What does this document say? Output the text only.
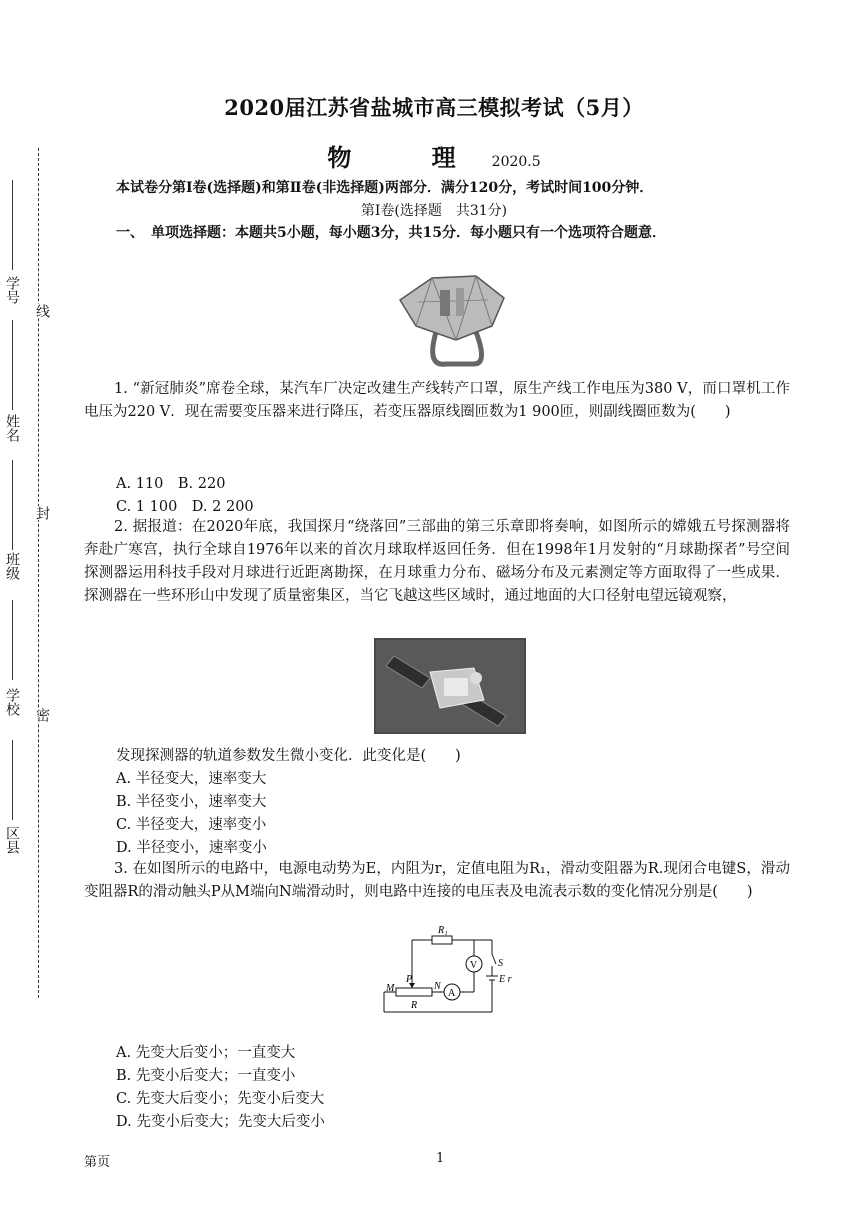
学号
姓名
班级
学校
区县
线
封
密
2020届江苏省盐城市高三模拟考试（5月）
物 理2020.5
本试卷分第Ⅰ卷(选择题)和第Ⅱ卷(非选择题)两部分．满分120分，考试时间100分钟．
第Ⅰ卷(选择题　共31分)
一、　单项选择题：本题共5小题，每小题3分，共15分．每小题只有一个选项符合题意．
1. “新冠肺炎”席卷全球，某汽车厂决定改建生产线转产口罩，原生产线工作电压为380 V，而口罩机工作电压为220 V．现在需要变压器来进行降压，若变压器原线圈匝数为1 900匝，则副线圈匝数为(　　)
A. 110　B. 220
C. 1 100　D. 2 200
2. 据报道：在2020年底，我国探月“绕落回”三部曲的第三乐章即将奏响，如图所示的嫦娥五号探测器将奔赴广寒宫，执行全球自1976年以来的首次月球取样返回任务．但在1998年1月发射的“月球勘探者”号空间探测器运用科技手段对月球进行近距离勘探，在月球重力分布、磁场分布及元素测定等方面取得了一些成果．探测器在一些环形山中发现了质量密集区，当它飞越这些区域时，通过地面的大口径射电望远镜观察，
发现探测器的轨道参数发生微小变化．此变化是(　　)
A. 半径变大，速率变大
B. 半径变小，速率变大
C. 半径变大，速率变小
D. 半径变小，速率变小
3. 在如图所示的电路中，电源电动势为E，内阻为r，定值电阻为R₁，滑动变阻器为R.现闭合电键S，滑动变阻器R的滑动触头P从M端向N端滑动时，则电路中连接的电压表及电流表示数的变化情况分别是(　　)
R₁
V S
E r
P
M	N
A
R
A. 先变大后变小；一直变大
B. 先变小后变大；一直变小
C. 先变大后变小；先变小后变大
D. 先变小后变大；先变大后变小
第页	1
